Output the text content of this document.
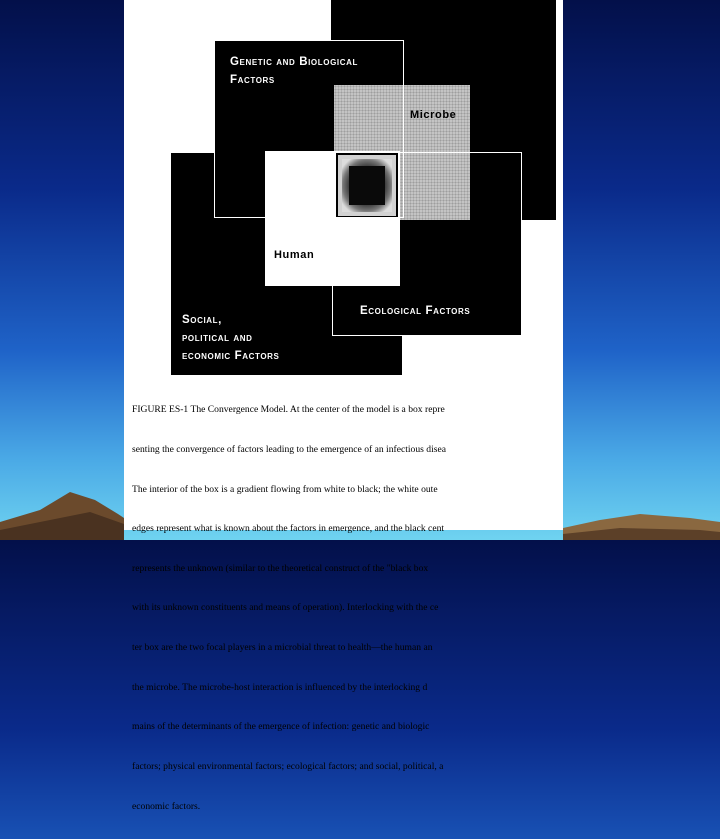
Physical
Environmental
Factors
Genetic and Biological
Factors
Microbe
Human
Ecological Factors
Social,
political and
economic Factors

FIGURE ES-1 The Convergence Model. At the center of the model is a box repre

senting the convergence of factors leading to the emergence of an infectious disea

The interior of the box is a gradient flowing from white to black; the white oute

edges represent what is known about the factors in emergence, and the black cent

represents the unknown (similar to the theoretical construct of the "black box

with its unknown constituents and means of operation). Interlocking with the ce

ter box are the two focal players in a microbial threat to health—the human an

the microbe. The microbe-host interaction is influenced by the interlocking d

mains of the determinants of the emergence of infection: genetic and biologic

factors; physical environmental factors; ecological factors; and social, political, a

economic factors.
